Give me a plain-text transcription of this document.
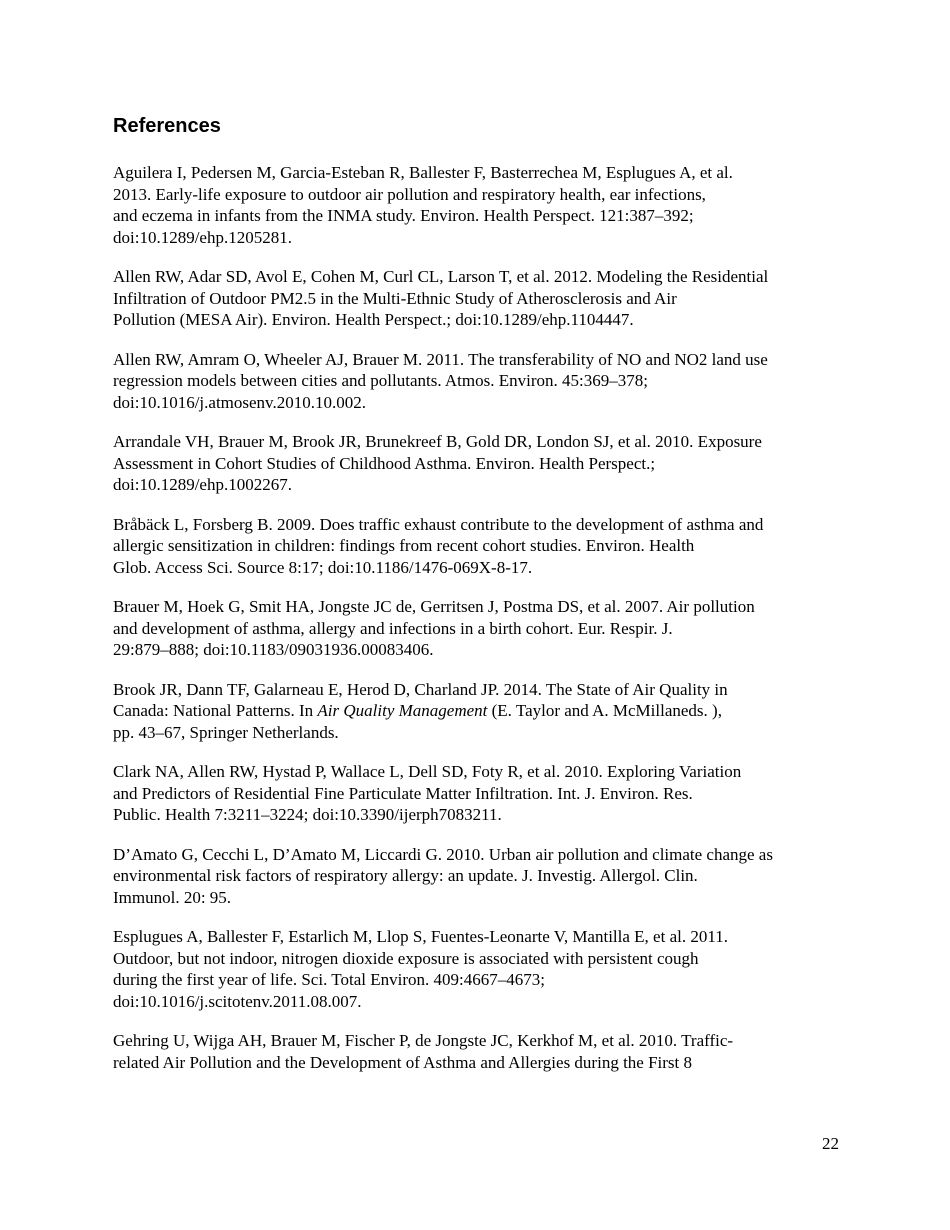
References
Aguilera I, Pedersen M, Garcia-Esteban R, Ballester F, Basterrechea M, Esplugues A, et al.
2013. Early-life exposure to outdoor air pollution and respiratory health, ear infections,
and eczema in infants from the INMA study. Environ. Health Perspect. 121:387–392;
doi:10.1289/ehp.1205281.
Allen RW, Adar SD, Avol E, Cohen M, Curl CL, Larson T, et al. 2012. Modeling the Residential
Infiltration of Outdoor PM2.5 in the Multi-Ethnic Study of Atherosclerosis and Air
Pollution (MESA Air). Environ. Health Perspect.; doi:10.1289/ehp.1104447.
Allen RW, Amram O, Wheeler AJ, Brauer M. 2011. The transferability of NO and NO2 land use
regression models between cities and pollutants. Atmos. Environ. 45:369–378;
doi:10.1016/j.atmosenv.2010.10.002.
Arrandale VH, Brauer M, Brook JR, Brunekreef B, Gold DR, London SJ, et al. 2010. Exposure
Assessment in Cohort Studies of Childhood Asthma. Environ. Health Perspect.;
doi:10.1289/ehp.1002267.
Bråbäck L, Forsberg B. 2009. Does traffic exhaust contribute to the development of asthma and
allergic sensitization in children: findings from recent cohort studies. Environ. Health
Glob. Access Sci. Source 8:17; doi:10.1186/1476-069X-8-17.
Brauer M, Hoek G, Smit HA, Jongste JC de, Gerritsen J, Postma DS, et al. 2007. Air pollution
and development of asthma, allergy and infections in a birth cohort. Eur. Respir. J.
29:879–888; doi:10.1183/09031936.00083406.
Brook JR, Dann TF, Galarneau E, Herod D, Charland JP. 2014. The State of Air Quality in
Canada: National Patterns. In Air Quality Management (E. Taylor and A. McMillaneds. ),
pp. 43–67, Springer Netherlands.
Clark NA, Allen RW, Hystad P, Wallace L, Dell SD, Foty R, et al. 2010. Exploring Variation
and Predictors of Residential Fine Particulate Matter Infiltration. Int. J. Environ. Res.
Public. Health 7:3211–3224; doi:10.3390/ijerph7083211.
D’Amato G, Cecchi L, D’Amato M, Liccardi G. 2010. Urban air pollution and climate change as
environmental risk factors of respiratory allergy: an update. J. Investig. Allergol. Clin.
Immunol. 20: 95.
Esplugues A, Ballester F, Estarlich M, Llop S, Fuentes-Leonarte V, Mantilla E, et al. 2011.
Outdoor, but not indoor, nitrogen dioxide exposure is associated with persistent cough
during the first year of life. Sci. Total Environ. 409:4667–4673;
doi:10.1016/j.scitotenv.2011.08.007.
Gehring U, Wijga AH, Brauer M, Fischer P, de Jongste JC, Kerkhof M, et al. 2010. Traffic-
related Air Pollution and the Development of Asthma and Allergies during the First 8
22
